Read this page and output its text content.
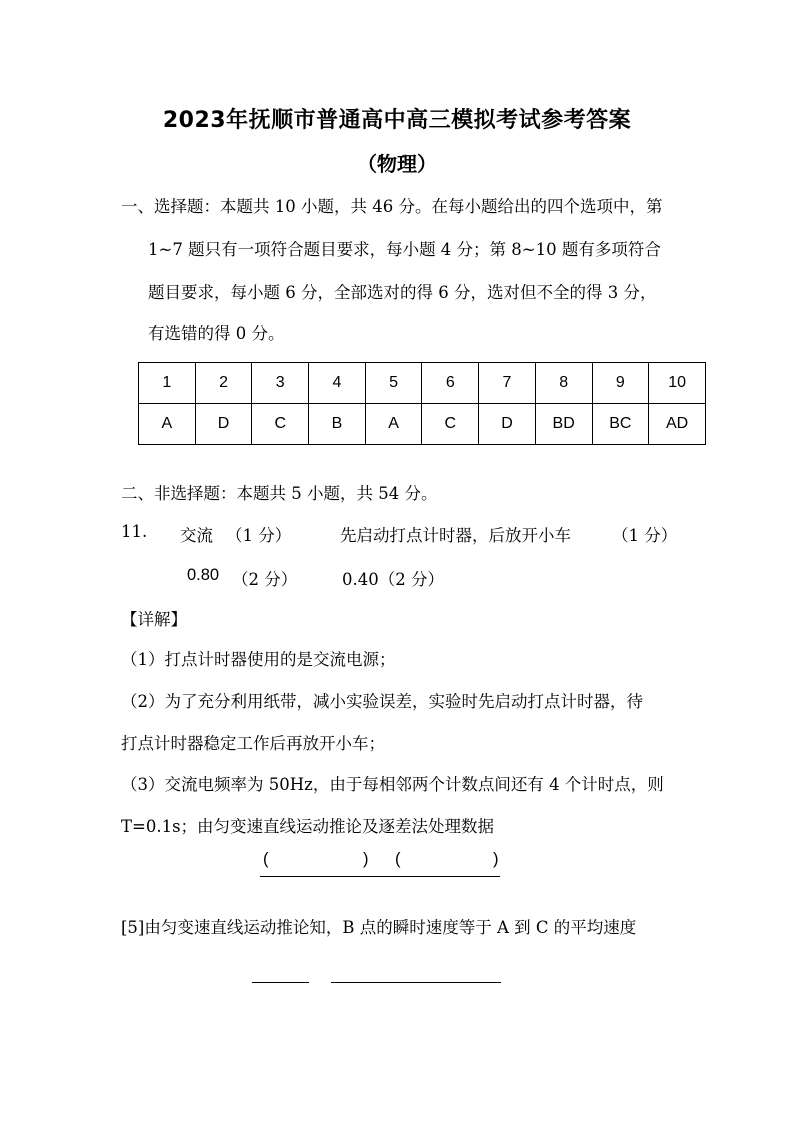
2023年抚顺市普通高中高三模拟考试参考答案
（物理）
一、选择题：本题共 10 小题，共 46 分。在每小题给出的四个选项中，第
1~7 题只有一项符合题目要求，每小题 4 分；第 8~10 题有多项符合
题目要求，每小题 6 分，全部选对的得 6 分，选对但不全的得 3 分，
有选错的得 0 分。
1	2	3	4	5	6	7	8	9	10
A	D	C	B	A	C	D	BD	BC	AD
二、非选择题：本题共 5 小题，共 54 分。
11. 交流 （1 分）	先启动打点计时器，后放开小车 （1 分）
0.80 （2 分）	0.40（2 分）
【详解】
（1）打点计时器使用的是交流电源；
（2）为了充分利用纸带，减小实验误差，实验时先启动打点计时器，待
打点计时器稳定工作后再放开小车；
（3）交流电频率为 50Hz，由于每相邻两个计数点间还有 4 个计时点，则
T=0.1s；由匀变速直线运动推论及逐差法处理数据
(	) (	)
[5]由匀变速直线运动推论知，B 点的瞬时速度等于 A 到 C 的平均速度
